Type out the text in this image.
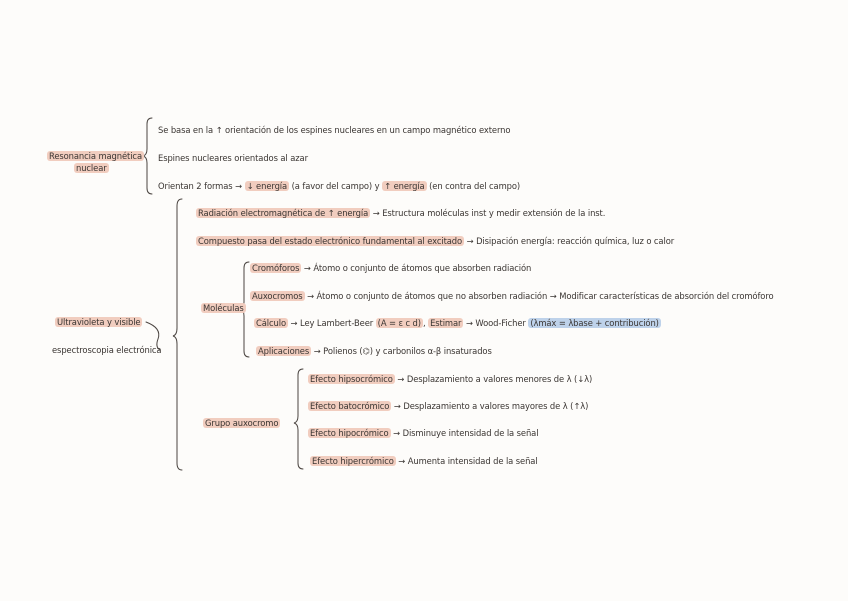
Resonancia magnética
nuclear
Se basa en la ↑ orientación de los espines nucleares en un campo magnético externo
Espines nucleares orientados al azar
Orientan 2 formas → ↓ energía (a favor del campo) y ↑ energía (en contra del campo)
Ultravioleta y visible
espectroscopia electrónica
Radiación electromagnética de ↑ energía → Estructura moléculas inst y medir extensión de la inst.
Compuesto pasa del estado electrónico fundamental al excitado → Disipación energía: reacción química, luz o calor
Moléculas
Cromóforos → Átomo o conjunto de átomos que absorben radiación
Auxocromos → Átomo o conjunto de átomos que no absorben radiación → Modificar características de absorción del cromóforo
Cálculo → Ley Lambert-Beer (A = ε c d) , Estimar → Wood-Ficher (λmáx = λbase + contribución)
Aplicaciones → Polienos (⌬) y carbonilos α-β insaturados
Grupo auxocromo
Efecto hipsocrómico → Desplazamiento a valores menores de λ (↓λ)
Efecto batocrómico → Desplazamiento a valores mayores de λ (↑λ)
Efecto hipocrómico → Disminuye intensidad de la señal
Efecto hipercrómico → Aumenta intensidad de la señal
